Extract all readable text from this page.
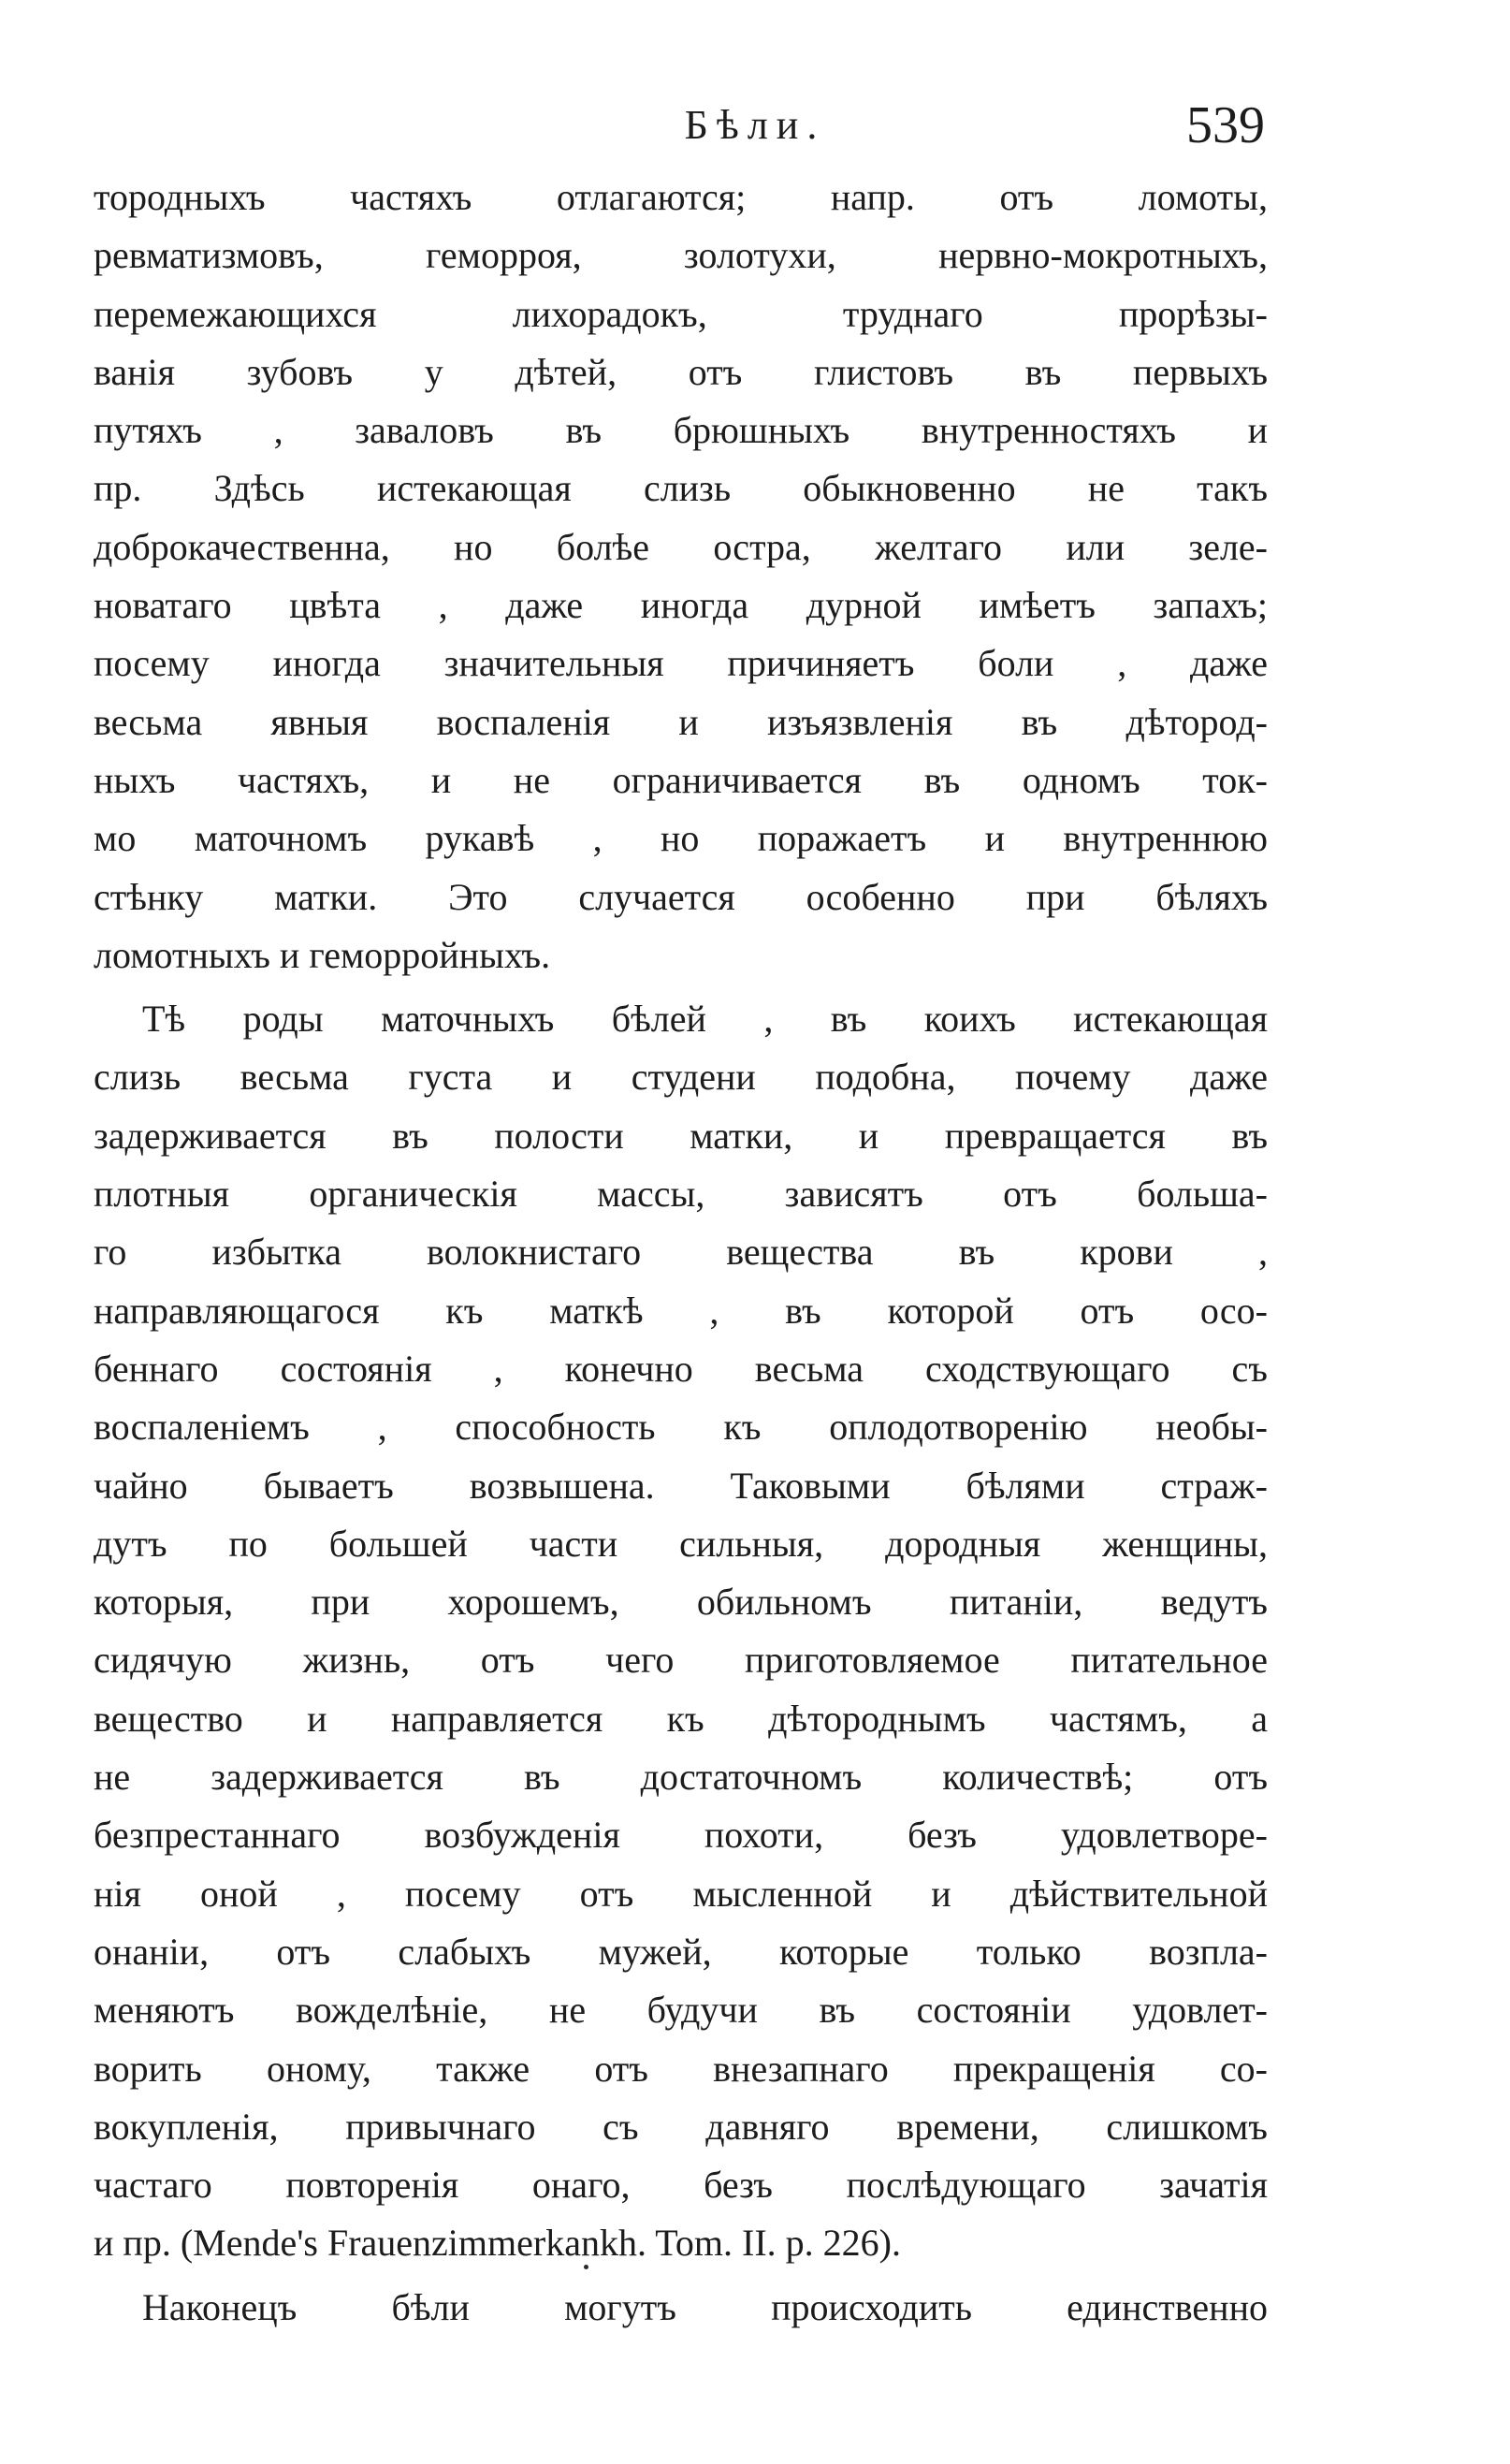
Бѣли.	539
тородныхъ частяхъ отлагаются; напр. отъ ломоты,
ревматизмовъ, геморроя, золотухи, нервно-мокротныхъ,
перемежающихся лихорадокъ, труднаго прорѣзы-
ванія зубовъ у дѣтей, отъ глистовъ въ первыхъ
путяхъ , заваловъ въ брюшныхъ внутренностяхъ и
пр. Здѣсь истекающая слизь обыкновенно не такъ
доброкачественна, но болѣе остра, желтаго или зеле-
новатаго цвѣта , даже иногда дурной имѣетъ запахъ;
посему иногда значительныя причиняетъ боли , даже
весьма явныя воспаленія и изъязвленія въ дѣтород-
ныхъ частяхъ, и не ограничивается въ одномъ ток-
мо маточномъ рукавѣ , но поражаетъ и внутреннюю
стѣнку матки. Это случается особенно при бѣляхъ
ломотныхъ и геморройныхъ.
Тѣ роды маточныхъ бѣлей , въ коихъ истекающая
слизь весьма густа и студени подобна, почему даже
задерживается въ полости матки, и превращается въ
плотныя органическія массы, зависятъ отъ большa-
го избытка волокнистаго вещества въ крови ,
направляющагося къ маткѣ , въ которой отъ осо-
беннаго состоянія , конечно весьма сходствующаго съ
воспаленіемъ , способность къ оплодотворенію необы-
чайно бываетъ возвышена. Таковыми бѣлями страж-
дутъ по большей части сильныя, дородныя женщины,
которыя, при хорошемъ, обильномъ питаніи, ведутъ
сидячую жизнь, отъ чего приготовляемое питательное
вещество и направляется къ дѣтороднымъ частямъ, а
не задерживается въ достаточномъ количествѣ; отъ
безпрестаннаго возбужденія похоти, безъ удовлетворе-
нія оной , посему отъ мысленной и дѣйствительной
онаніи, отъ слабыхъ мужей, которые только возпла-
меняютъ вожделѣніе, не будучи въ состояніи удовлет-
ворить оному, также отъ внезапнаго прекращенія со-
вокупленія, привычнаго съ давняго времени, слишкомъ
частаго повторенія онаго, безъ послѣдующаго зачатія
и пр. (Mende's Frauenzimmerkankh. Tom. II. p. 226).
Наконецъ бѣли могутъ происходить единственно
